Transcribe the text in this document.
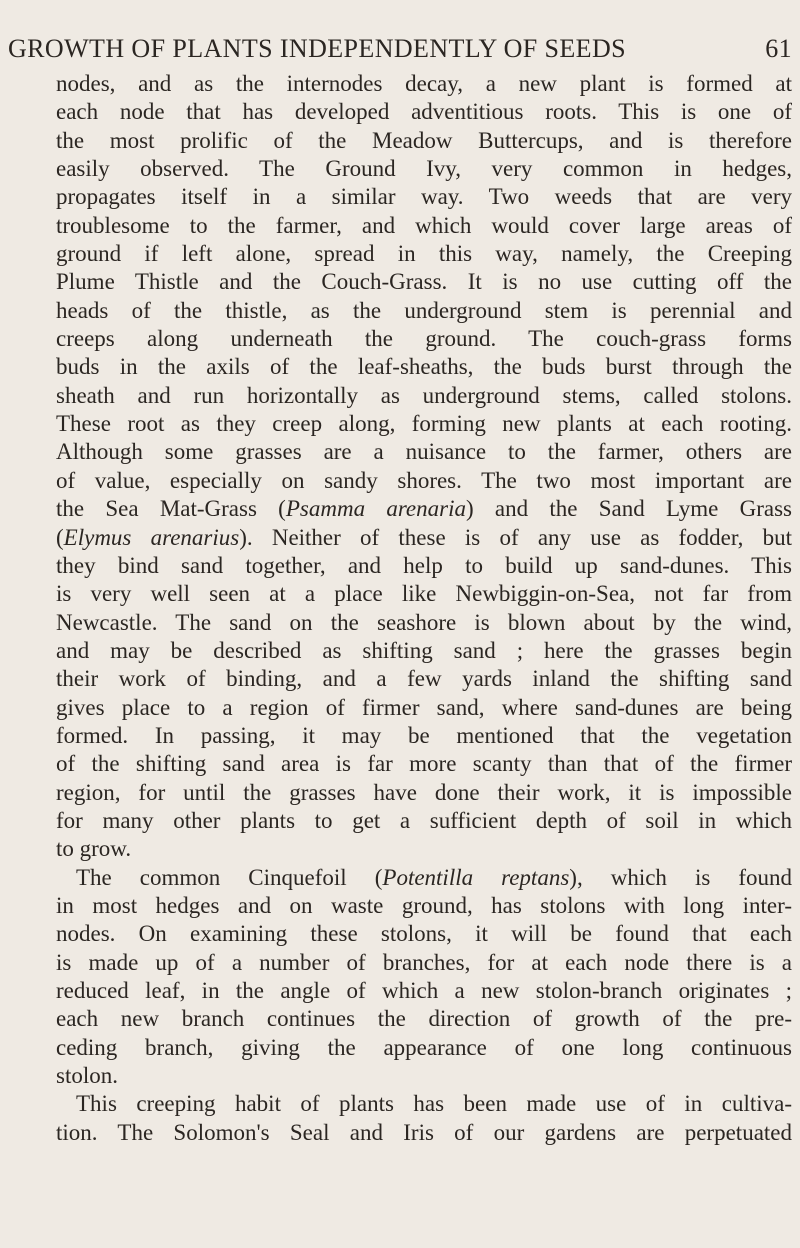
GROWTH OF PLANTS INDEPENDENTLY OF SEEDS	61
nodes, and as the internodes decay, a new plant is formed at
each node that has developed adventitious roots. This is one of
the most prolific of the Meadow Buttercups, and is therefore
easily observed. The Ground Ivy, very common in hedges,
propagates itself in a similar way. Two weeds that are very
troublesome to the farmer, and which would cover large areas of
ground if left alone, spread in this way, namely, the Creeping
Plume Thistle and the Couch-Grass. It is no use cutting off the
heads of the thistle, as the underground stem is perennial and
creeps along underneath the ground. The couch-grass forms
buds in the axils of the leaf-sheaths, the buds burst through the
sheath and run horizontally as underground stems, called stolons.
These root as they creep along, forming new plants at each rooting.
Although some grasses are a nuisance to the farmer, others are
of value, especially on sandy shores. The two most important are
the Sea Mat-Grass (Psamma arenaria) and the Sand Lyme Grass
(Elymus arenarius). Neither of these is of any use as fodder, but
they bind sand together, and help to build up sand-dunes. This
is very well seen at a place like Newbiggin-on-Sea, not far from
Newcastle. The sand on the seashore is blown about by the wind,
and may be described as shifting sand ; here the grasses begin
their work of binding, and a few yards inland the shifting sand
gives place to a region of firmer sand, where sand-dunes are being
formed. In passing, it may be mentioned that the vegetation
of the shifting sand area is far more scanty than that of the firmer
region, for until the grasses have done their work, it is impossible
for many other plants to get a sufficient depth of soil in which
to grow.
The common Cinquefoil (Potentilla reptans), which is found
in most hedges and on waste ground, has stolons with long inter-
nodes. On examining these stolons, it will be found that each
is made up of a number of branches, for at each node there is a
reduced leaf, in the angle of which a new stolon-branch originates ;
each new branch continues the direction of growth of the pre-
ceding branch, giving the appearance of one long continuous
stolon.
This creeping habit of plants has been made use of in cultiva-
tion. The Solomon's Seal and Iris of our gardens are perpetuated
